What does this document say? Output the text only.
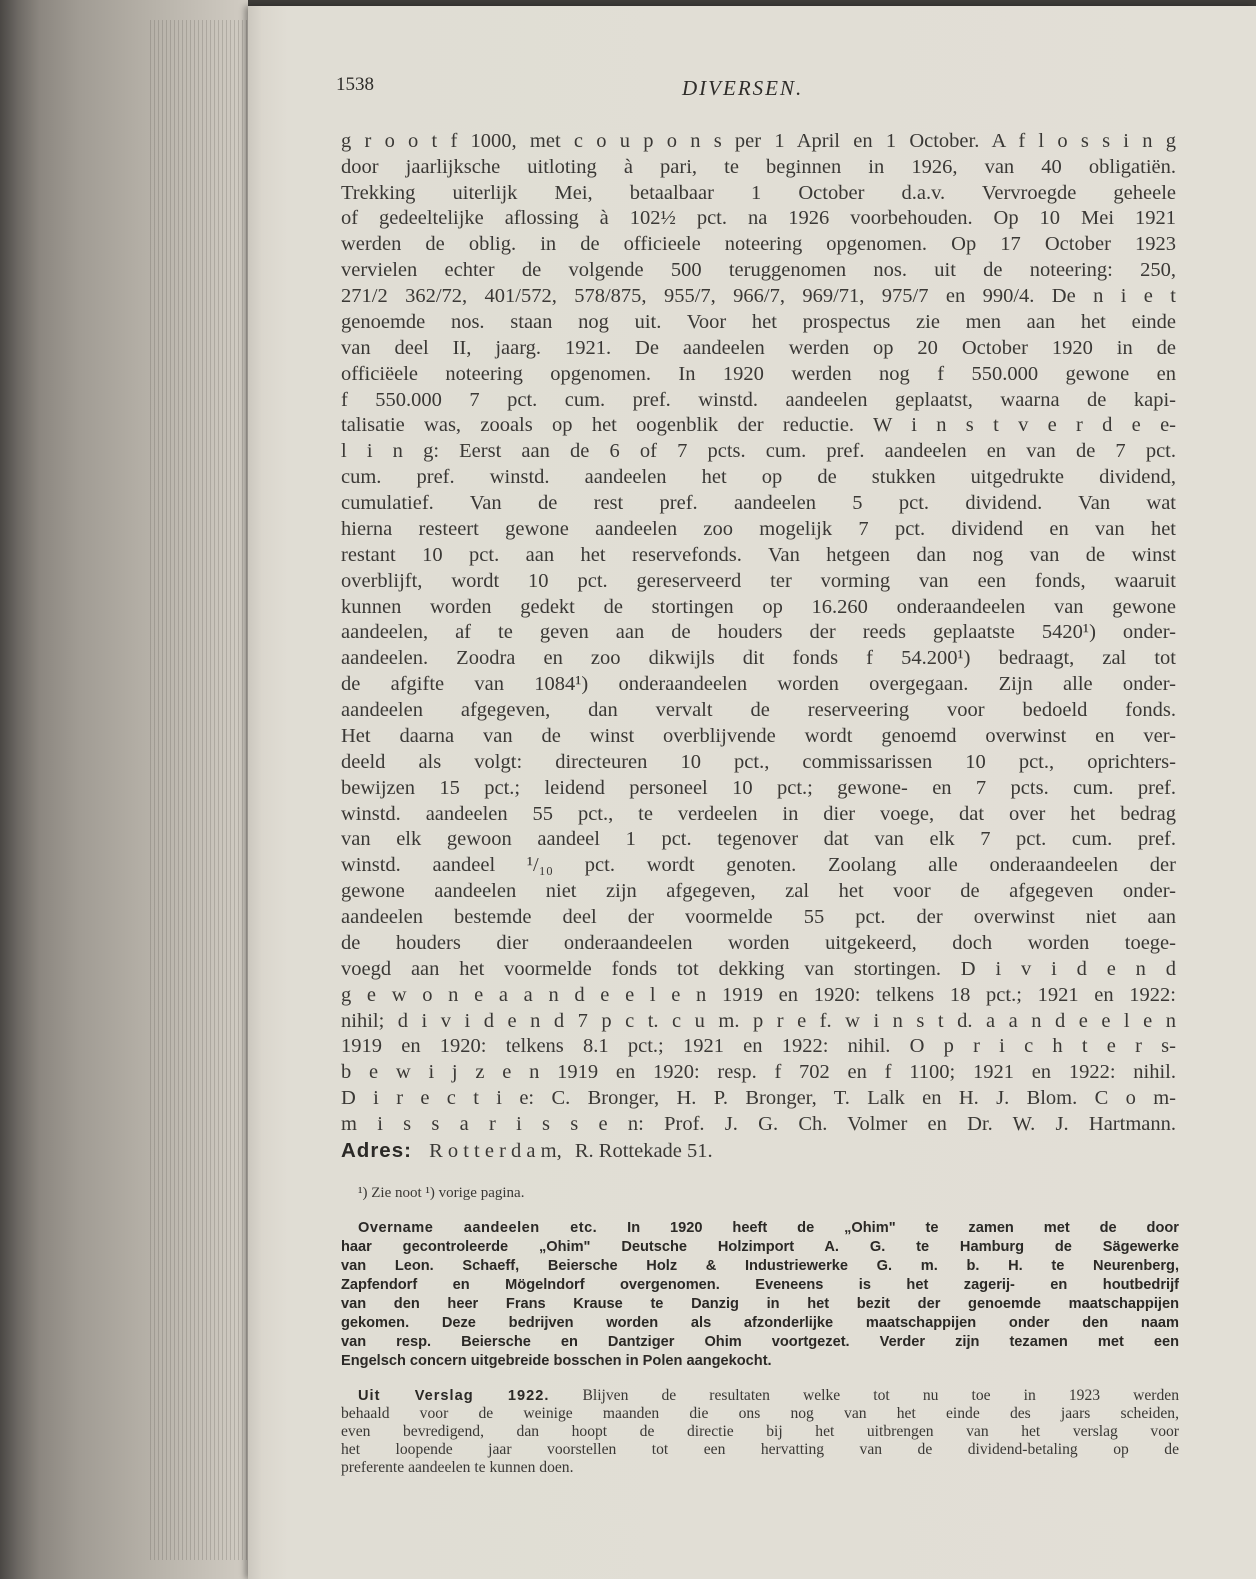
1538	DIVERSEN.

g r o o t f 1000, met c o u p o n s per 1 April en 1 October. A f l o s s i n g

door jaarlijksche uitloting à pari, te beginnen in 1926, van 40 obligatiën.

Trekking uiterlijk Mei, betaalbaar 1 October d.a.v. Vervroegde geheele

of gedeeltelijke aflossing à 102½ pct. na 1926 voorbehouden. Op 10 Mei 1921

werden de oblig. in de officieele noteering opgenomen. Op 17 October 1923

vervielen echter de volgende 500 teruggenomen nos. uit de noteering: 250,

271/2 362/72, 401/572, 578/875, 955/7, 966/7, 969/71, 975/7 en 990/4. De n i e t

genoemde nos. staan nog uit. Voor het prospectus zie men aan het einde

van deel II, jaarg. 1921. De aandeelen werden op 20 October 1920 in de

officiëele noteering opgenomen. In 1920 werden nog f 550.000 gewone en

f 550.000 7 pct. cum. pref. winstd. aandeelen geplaatst, waarna de kapi-

talisatie was, zooals op het oogenblik der reductie. W i n s t v e r d e e-

l i n g: Eerst aan de 6 of 7 pcts. cum. pref. aandeelen en van de 7 pct.

cum. pref. winstd. aandeelen het op de stukken uitgedrukte dividend,

cumulatief. Van de rest pref. aandeelen 5 pct. dividend. Van wat

hierna resteert gewone aandeelen zoo mogelijk 7 pct. dividend en van het

restant 10 pct. aan het reservefonds. Van hetgeen dan nog van de winst

overblijft, wordt 10 pct. gereserveerd ter vorming van een fonds, waaruit

kunnen worden gedekt de stortingen op 16.260 onderaandeelen van gewone

aandeelen, af te geven aan de houders der reeds geplaatste 5420¹) onder-

aandeelen. Zoodra en zoo dikwijls dit fonds f 54.200¹) bedraagt, zal tot

de afgifte van 1084¹) onderaandeelen worden overgegaan. Zijn alle onder-

aandeelen afgegeven, dan vervalt de reserveering voor bedoeld fonds.

Het daarna van de winst overblijvende wordt genoemd overwinst en ver-

deeld als volgt: directeuren 10 pct., commissarissen 10 pct., oprichters-

bewijzen 15 pct.; leidend personeel 10 pct.; gewone- en 7 pcts. cum. pref.

winstd. aandeelen 55 pct., te verdeelen in dier voege, dat over het bedrag

van elk gewoon aandeel 1 pct. tegenover dat van elk 7 pct. cum. pref.

winstd. aandeel ¹/₁₀ pct. wordt genoten. Zoolang alle onderaandeelen der

gewone aandeelen niet zijn afgegeven, zal het voor de afgegeven onder-

aandeelen bestemde deel der voormelde 55 pct. der overwinst niet aan

de houders dier onderaandeelen worden uitgekeerd, doch worden toege-

voegd aan het voormelde fonds tot dekking van stortingen. D i v i d e n d

g e w o n e a a n d e e l e n 1919 en 1920: telkens 18 pct.; 1921 en 1922:

nihil; d i v i d e n d 7 p c t. c u m. p r e f. w i n s t d. a a n d e e l e n

1919 en 1920: telkens 8.1 pct.; 1921 en 1922: nihil. O p r i c h t e r s-

b e w i j z e n 1919 en 1920: resp. f 702 en f 1100; 1921 en 1922: nihil.

D i r e c t i e: C. Bronger, H. P. Bronger, T. Lalk en H. J. Blom. C o m-

m i s s a r i s s e n: Prof. J. G. Ch. Volmer en Dr. W. J. Hartmann.

Adres: R o t t e r d a m, R. Rottekade 51.

¹) Zie noot ¹) vorige pagina.

Overname aandeelen etc. In 1920 heeft de „Ohim" te zamen met de door

haar gecontroleerde „Ohim" Deutsche Holzimport A. G. te Hamburg de Sägewerke

van Leon. Schaeff, Beiersche Holz & Industriewerke G. m. b. H. te Neurenberg,

Zapfendorf en Mögelndorf overgenomen. Eveneens is het zagerij- en houtbedrijf

van den heer Frans Krause te Danzig in het bezit der genoemde maatschappijen

gekomen. Deze bedrijven worden als afzonderlijke maatschappijen onder den naam

van resp. Beiersche en Dantziger Ohim voortgezet. Verder zijn tezamen met een

Engelsch concern uitgebreide bosschen in Polen aangekocht.

Uit Verslag 1922. Blijven de resultaten welke tot nu toe in 1923 werden

behaald voor de weinige maanden die ons nog van het einde des jaars scheiden,

even bevredigend, dan hoopt de directie bij het uitbrengen van het verslag voor

het loopende jaar voorstellen tot een hervatting van de dividend-betaling op de

preferente aandeelen te kunnen doen.
